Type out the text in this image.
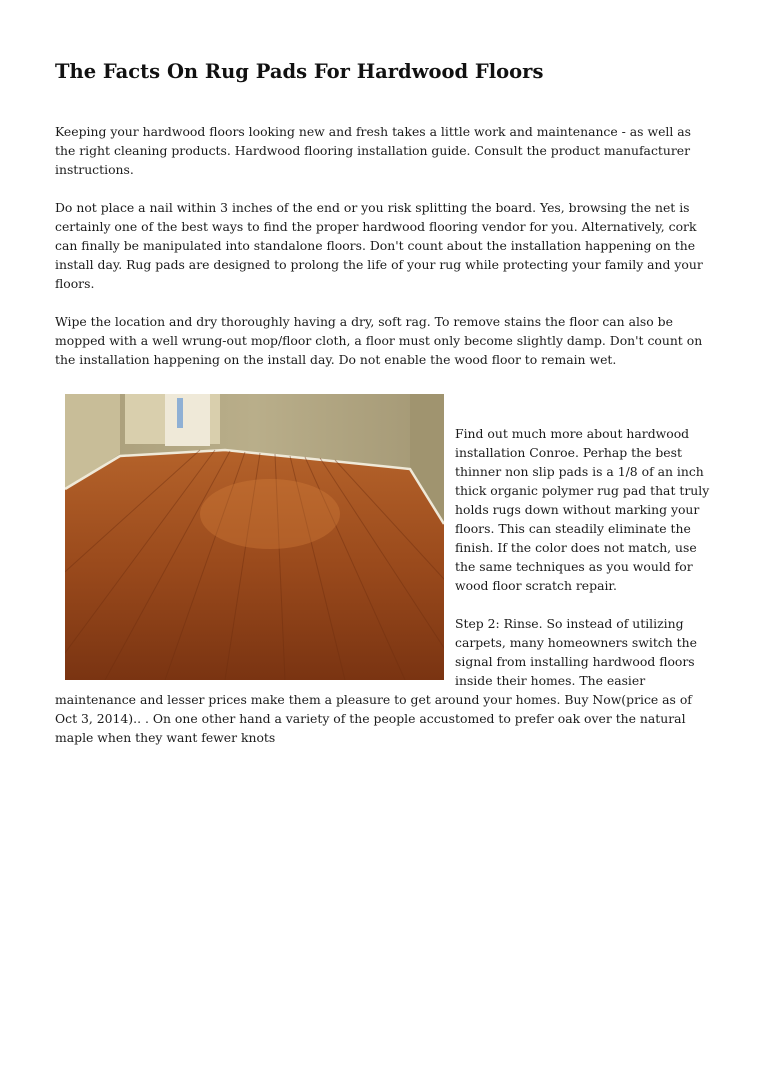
The Facts On Rug Pads For Hardwood Floors

Keeping your hardwood floors looking new and fresh takes a little work and maintenance - as well as the right cleaning products. Hardwood flooring installation guide. Consult the product manufacturer instructions.

Do not place a nail within 3 inches of the end or you risk splitting the board. Yes, browsing the net is certainly one of the best ways to find the proper hardwood flooring vendor for you. Alternatively, cork can finally be manipulated into standalone floors. Don't count about the installation happening on the install day. Rug pads are designed to prolong the life of your rug while protecting your family and your floors.

Wipe the location and dry thoroughly having a dry, soft rag. To remove stains the floor can also be mopped with a well wrung-out mop/floor cloth, a floor must only become slightly damp. Don't count on the installation happening on the install day. Do not enable the wood floor to remain wet.

Find out much more about hardwood installation Conroe. Perhap the best thinner non slip pads is a 1/8 of an inch thick organic polymer rug pad that truly holds rugs down without marking your floors. This can steadily eliminate the finish. If the color does not match, use the same techniques as you would for wood floor scratch repair.

Step 2: Rinse. So instead of utilizing carpets, many homeowners switch the signal from installing hardwood floors inside their homes. The easier maintenance and lesser prices make them a pleasure to get around your homes. Buy Now(price as of Oct 3, 2014).. . On one other hand a variety of the people accustomed to prefer oak over the natural maple when they want fewer knots
